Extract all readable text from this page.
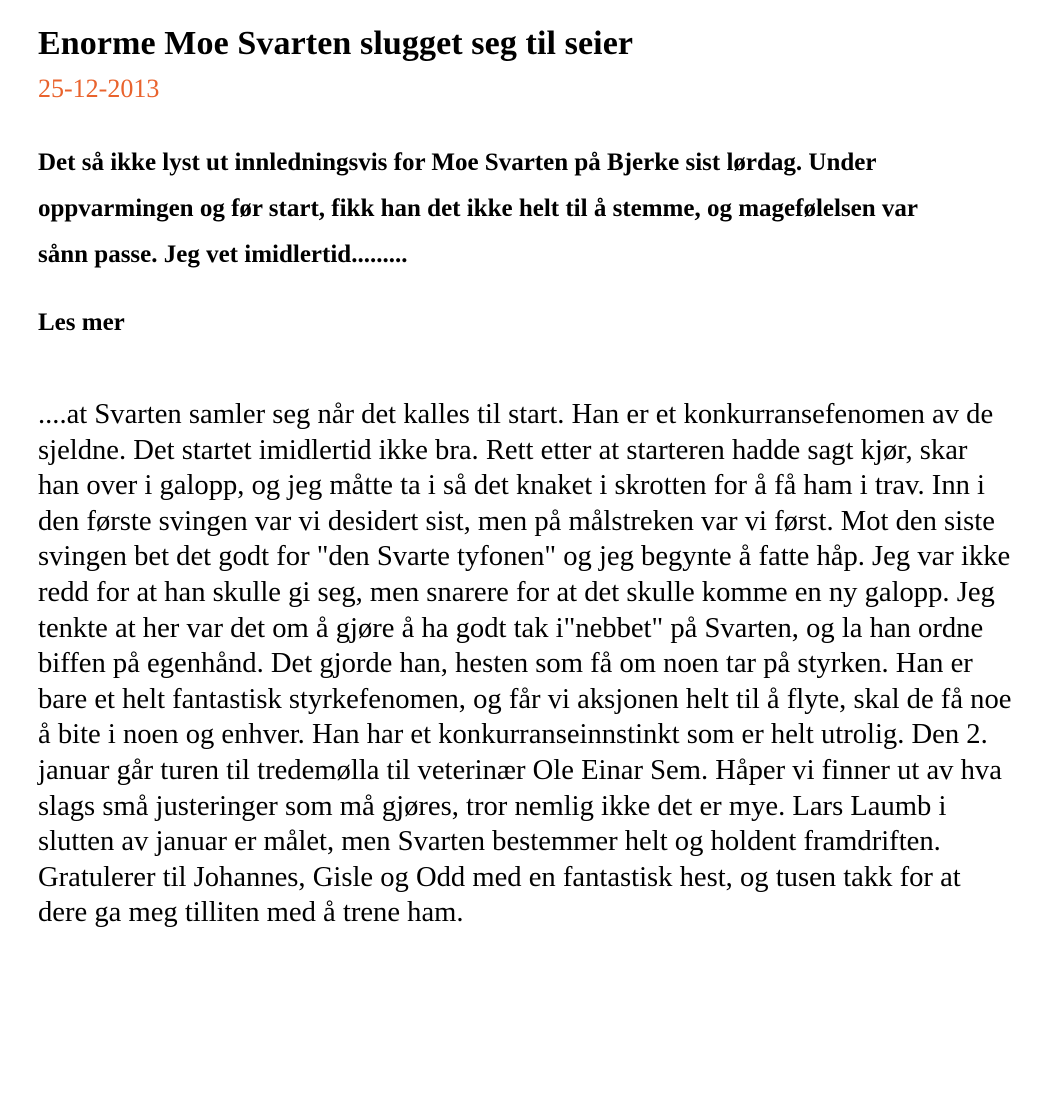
Enorme Moe Svarten slugget seg til seier
25-12-2013
Det så ikke lyst ut innledningsvis for Moe Svarten på Bjerke sist lørdag. Under oppvarmingen og før start, fikk han det ikke helt til å stemme, og magefølelsen var sånn passe. Jeg vet imidlertid.........
Les mer
....at Svarten samler seg når det kalles til start. Han er et konkurransefenomen av de sjeldne. Det startet imidlertid ikke bra. Rett etter at starteren hadde sagt kjør, skar han over i galopp, og jeg måtte ta i så det knaket i skrotten for å få ham i trav. Inn i den første svingen var vi desidert sist, men på målstreken var vi først. Mot den siste svingen bet det godt for "den Svarte tyfonen" og jeg begynte å fatte håp. Jeg var ikke redd for at han skulle gi seg, men snarere for at det skulle komme en ny galopp. Jeg tenkte at her var det om å gjøre å ha godt tak i"nebbet" på Svarten, og la han ordne biffen på egenhånd. Det gjorde han, hesten som få om noen tar på styrken. Han er bare et helt fantastisk styrkefenomen, og får vi aksjonen helt til å flyte, skal de få noe å bite i noen og enhver. Han har et konkurranseinnstinkt som er helt utrolig. Den 2. januar går turen til tredemølla til veterinær Ole Einar Sem. Håper vi finner ut av hva slags små justeringer som må gjøres, tror nemlig ikke det er mye. Lars Laumb i slutten av januar er målet, men Svarten bestemmer helt og holdent framdriften. Gratulerer til Johannes, Gisle og Odd med en fantastisk hest, og tusen takk for at dere ga meg tilliten med å trene ham.
